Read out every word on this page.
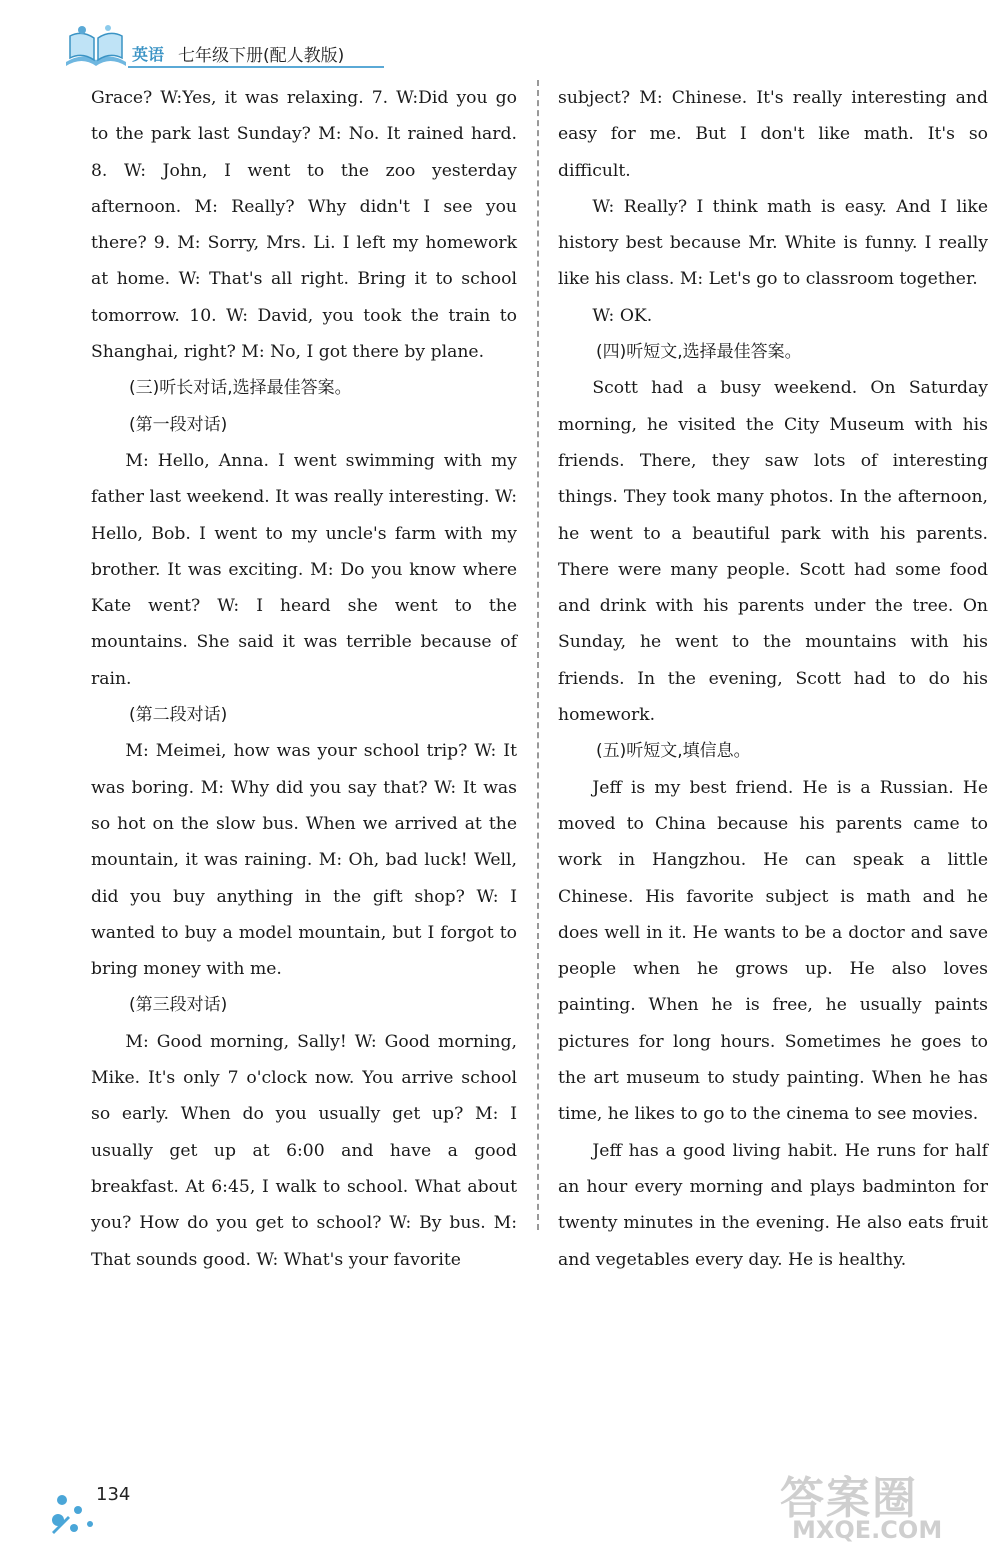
英语 七年级下册(配人教版)

Grace? W:Yes, it was relaxing. 7. W:Did you go to the park last Sunday? M: No. It rained hard. 8. W: John, I went to the zoo yesterday afternoon. M: Really? Why didn't I see you there? 9. M: Sorry, Mrs. Li. I left my homework at home. W: That's all right. Bring it to school tomorrow. 10. W: David, you took the train to Shanghai, right? M: No, I got there by plane.

(三)听长对话,选择最佳答案。

(第一段对话)

M: Hello, Anna. I went swimming with my father last weekend. It was really interesting. W: Hello, Bob. I went to my uncle's farm with my brother. It was exciting. M: Do you know where Kate went? W: I heard she went to the mountains. She said it was terrible because of rain.

(第二段对话)

M: Meimei, how was your school trip? W: It was boring. M: Why did you say that? W: It was so hot on the slow bus. When we arrived at the mountain, it was raining. M: Oh, bad luck! Well, did you buy anything in the gift shop? W: I wanted to buy a model mountain, but I forgot to bring money with me.

(第三段对话)

M: Good morning, Sally! W: Good morning, Mike. It's only 7 o'clock now. You arrive school so early. When do you usually get up? M: I usually get up at 6:00 and have a good breakfast. At 6:45, I walk to school. What about you? How do you get to school? W: By bus. M: That sounds good. W: What's your favorite

subject? M: Chinese. It's really interesting and easy for me. But I don't like math. It's so difficult.

W: Really? I think math is easy. And I like history best because Mr. White is funny. I really like his class. M: Let's go to classroom together.

W: OK.

(四)听短文,选择最佳答案。

Scott had a busy weekend. On Saturday morning, he visited the City Museum with his friends. There, they saw lots of interesting things. They took many photos. In the afternoon, he went to a beautiful park with his parents. There were many people. Scott had some food and drink with his parents under the tree. On Sunday, he went to the mountains with his friends. In the evening, Scott had to do his homework.

(五)听短文,填信息。

Jeff is my best friend. He is a Russian. He moved to China because his parents came to work in Hangzhou. He can speak a little Chinese. His favorite subject is math and he does well in it. He wants to be a doctor and save people when he grows up. He also loves painting. When he is free, he usually paints pictures for long hours. Sometimes he goes to the art museum to study painting. When he has time, he likes to go to the cinema to see movies.

Jeff has a good living habit. He runs for half an hour every morning and plays badminton for twenty minutes in the evening. He also eats fruit and vegetables every day. He is healthy.

134	答案圈
MXQE.COM
